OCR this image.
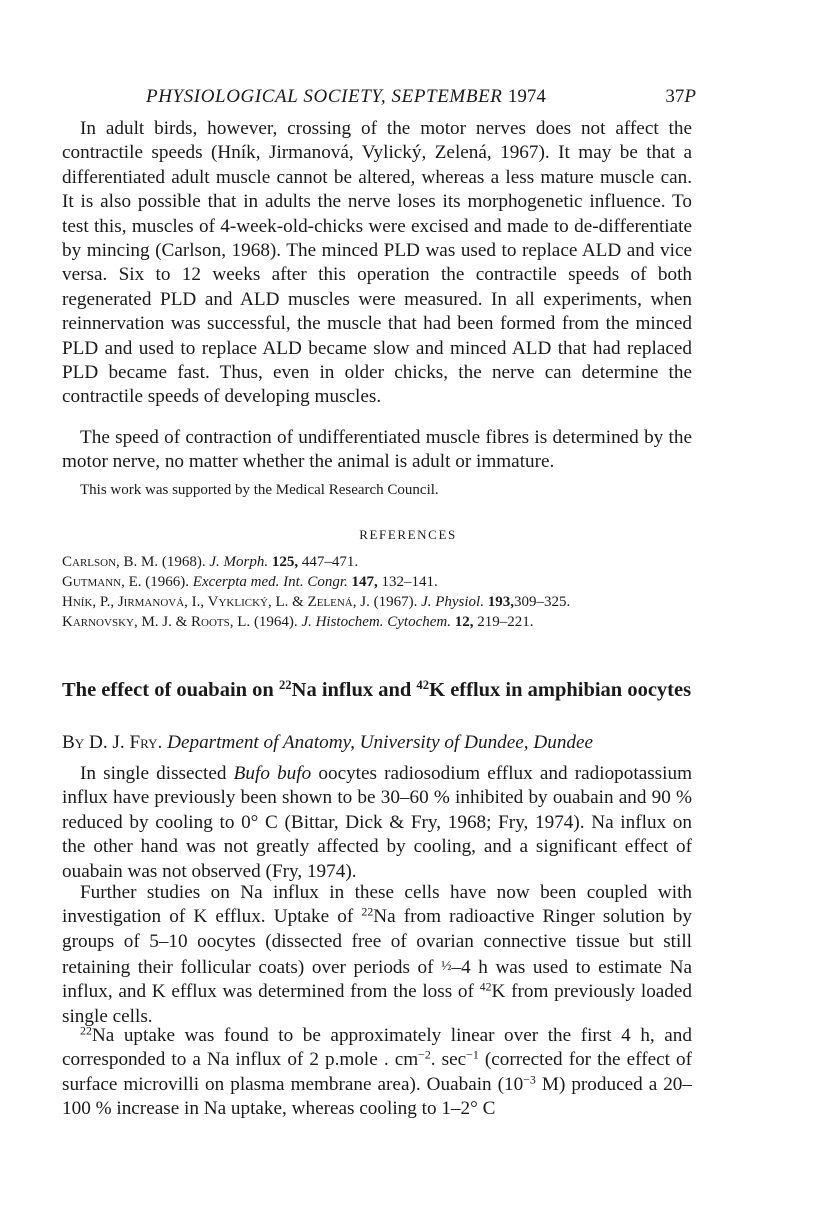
PHYSIOLOGICAL SOCIETY, SEPTEMBER 1974	37P

In adult birds, however, crossing of the motor nerves does not affect the contractile speeds (Hník, Jirmanová, Vylický, Zelená, 1967). It may be that a differentiated adult muscle cannot be altered, whereas a less mature muscle can. It is also possible that in adults the nerve loses its morphogenetic influence. To test this, muscles of 4-week-old-chicks were excised and made to de-differentiate by mincing (Carlson, 1968). The minced PLD was used to replace ALD and vice versa. Six to 12 weeks after this operation the contractile speeds of both regenerated PLD and ALD muscles were measured. In all experiments, when reinnervation was successful, the muscle that had been formed from the minced PLD and used to replace ALD became slow and minced ALD that had replaced PLD became fast. Thus, even in older chicks, the nerve can determine the contractile speeds of developing muscles.

The speed of contraction of undifferentiated muscle fibres is determined by the motor nerve, no matter whether the animal is adult or immature.

This work was supported by the Medical Research Council.
REFERENCES
Carlson, B. M. (1968). J. Morph. 125, 447–471.
Gutmann, E. (1966). Excerpta med. Int. Congr. 147, 132–141.
Hník, P., Jirmanová, I., Vyklický, L. & Zelená, J. (1967). J. Physiol. 193,309–325.
Karnovsky, M. J. & Roots, L. (1964). J. Histochem. Cytochem. 12, 219–221.
The effect of ouabain on $^{22}$Na influx and $^{42}$K efflux in amphibian oocytes
By D. J. Fry. Department of Anatomy, University of Dundee, Dundee

In single dissected Bufo bufo oocytes radiosodium efflux and radiopotassium influx have previously been shown to be 30–60 % inhibited by ouabain and 90 % reduced by cooling to 0° C (Bittar, Dick & Fry, 1968; Fry, 1974). Na influx on the other hand was not greatly affected by cooling, and a significant effect of ouabain was not observed (Fry, 1974).

Further studies on Na influx in these cells have now been coupled with investigation of K efflux. Uptake of $^{22}$Na from radioactive Ringer solution by groups of 5–10 oocytes (dissected free of ovarian connective tissue but still retaining their follicular coats) over periods of ½–4 h was used to estimate Na influx, and K efflux was determined from the loss of $^{42}$K from previously loaded single cells.

$^{22}$Na uptake was found to be approximately linear over the first 4 h, and corresponded to a Na influx of 2 p.mole . $cm^{-2}$. $\sec^{-1}$ (corrected for the effect of surface microvilli on plasma membrane area). Ouabain ($10^{-3}$ M) produced a 20–100 % increase in Na uptake, whereas cooling to 1–2° C
